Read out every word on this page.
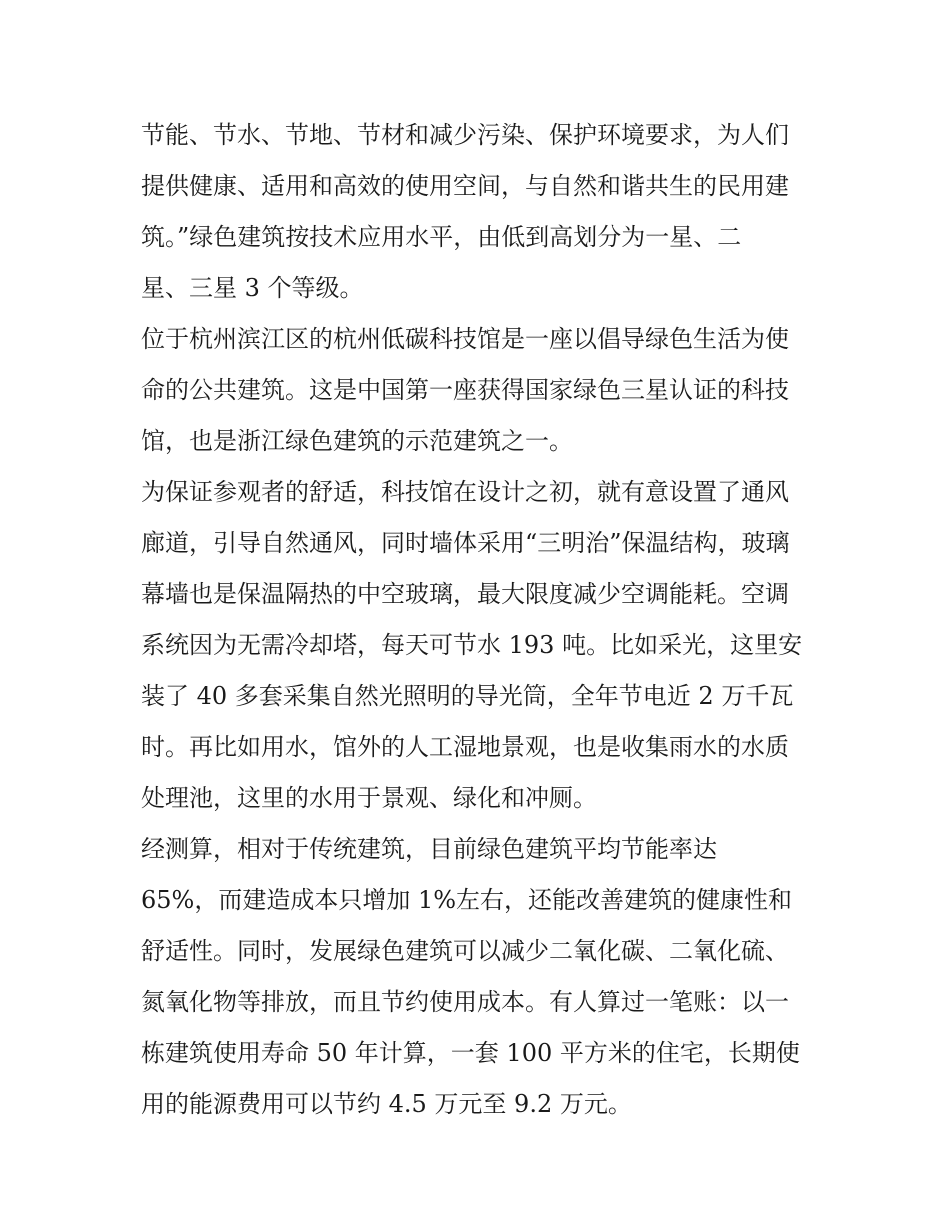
节能、节水、节地、节材和减少污染、保护环境要求，为人们
提供健康、适用和高效的使用空间，与自然和谐共生的民用建
筑。”绿色建筑按技术应用水平，由低到高划分为一星、二
星、三星 3 个等级。
位于杭州滨江区的杭州低碳科技馆是一座以倡导绿色生活为使
命的公共建筑。这是中国第一座获得国家绿色三星认证的科技
馆，也是浙江绿色建筑的示范建筑之一。
为保证参观者的舒适，科技馆在设计之初，就有意设置了通风
廊道，引导自然通风，同时墙体采用“三明治”保温结构，玻璃
幕墙也是保温隔热的中空玻璃，最大限度减少空调能耗。空调
系统因为无需冷却塔，每天可节水 193 吨。比如采光，这里安
装了 40 多套采集自然光照明的导光筒，全年节电近 2 万千瓦
时。再比如用水，馆外的人工湿地景观，也是收集雨水的水质
处理池，这里的水用于景观、绿化和冲厕。
经测算，相对于传统建筑，目前绿色建筑平均节能率达
65%，而建造成本只增加 1%左右，还能改善建筑的健康性和
舒适性。同时，发展绿色建筑可以减少二氧化碳、二氧化硫、
氮氧化物等排放，而且节约使用成本。有人算过一笔账：以一
栋建筑使用寿命 50 年计算，一套 100 平方米的住宅，长期使
用的能源费用可以节约 4.5 万元至 9.2 万元。
